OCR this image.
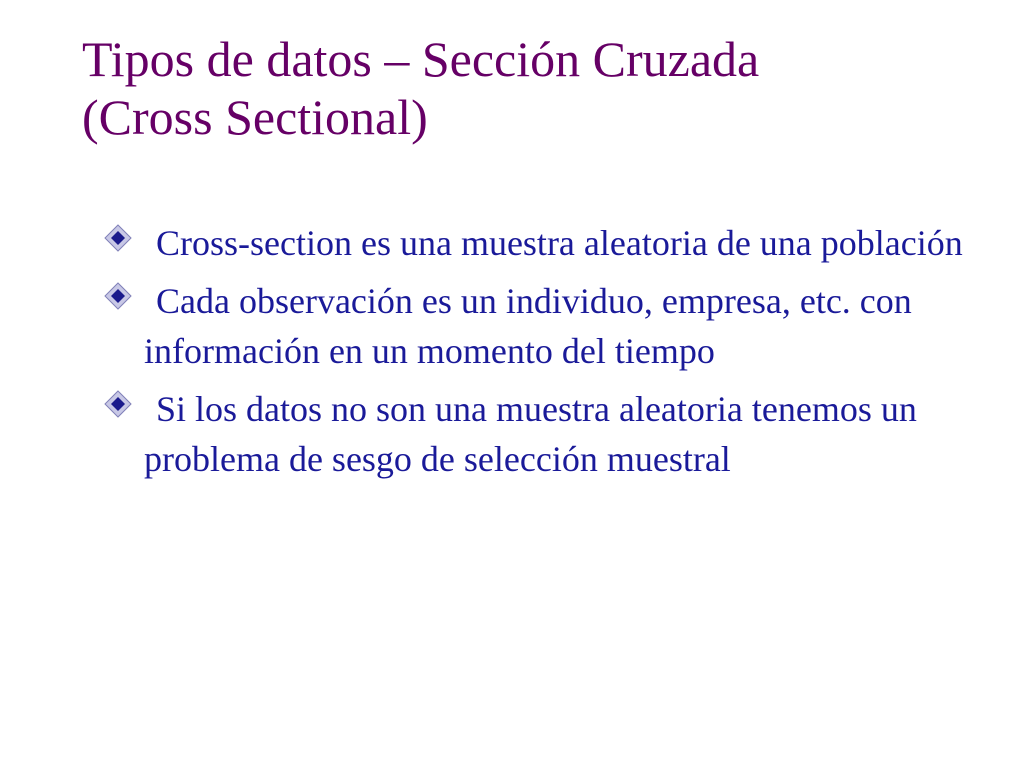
Tipos de datos – Sección Cruzada
(Cross Sectional)
Cross-section es una muestra aleatoria de una población
Cada observación es un individuo, empresa, etc. con información en un momento del tiempo
Si los datos no son una muestra aleatoria tenemos un problema de sesgo de selección muestral
